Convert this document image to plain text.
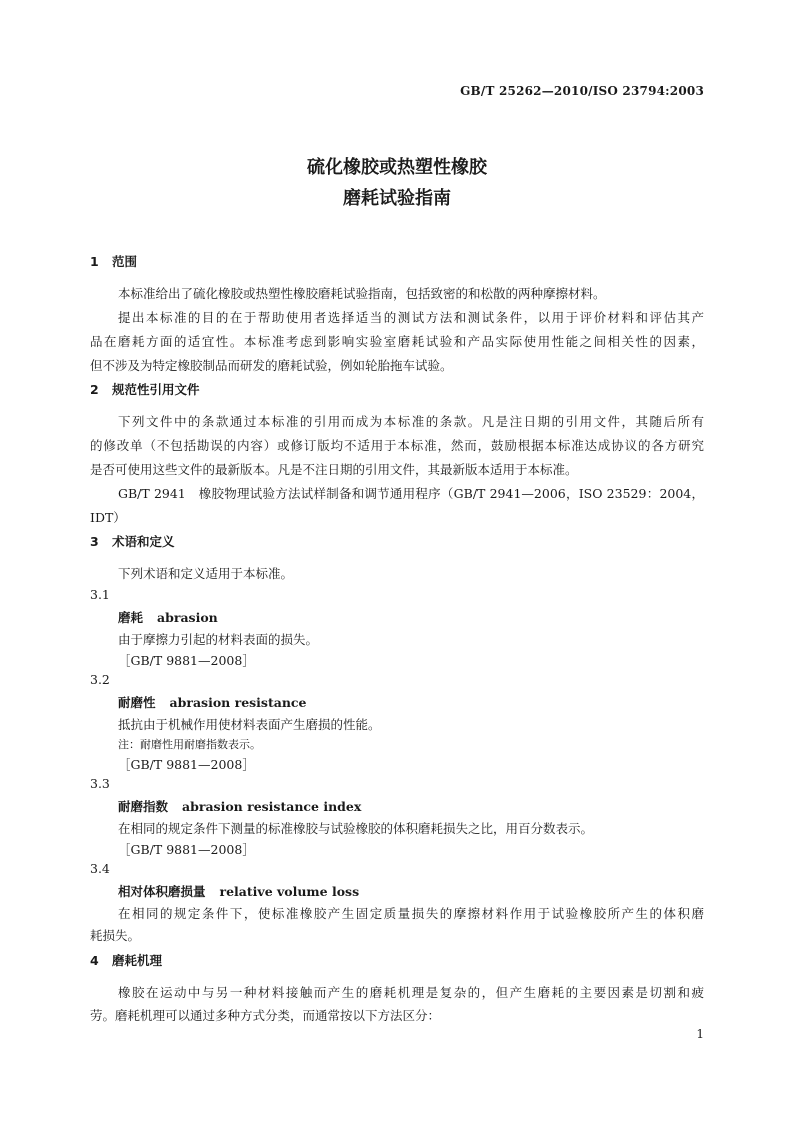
GB/T 25262—2010/ISO 23794:2003
硫化橡胶或热塑性橡胶
磨耗试验指南
1 范围
本标准给出了硫化橡胶或热塑性橡胶磨耗试验指南，包括致密的和松散的两种摩擦材料。
提出本标准的目的在于帮助使用者选择适当的测试方法和测试条件，以用于评价材料和评估其产
品在磨耗方面的适宜性。本标准考虑到影响实验室磨耗试验和产品实际使用性能之间相关性的因素，
但不涉及为特定橡胶制品而研发的磨耗试验，例如轮胎拖车试验。
2 规范性引用文件
下列文件中的条款通过本标准的引用而成为本标准的条款。凡是注日期的引用文件，其随后所有
的修改单（不包括勘误的内容）或修订版均不适用于本标准，然而，鼓励根据本标准达成协议的各方研究
是否可使用这些文件的最新版本。凡是不注日期的引用文件，其最新版本适用于本标准。
GB/T 2941　橡胶物理试验方法试样制备和调节通用程序（GB/T 2941—2006，ISO 23529：2004，
IDT）
3 术语和定义
下列术语和定义适用于本标准。
3.1
磨耗 abrasion
由于摩擦力引起的材料表面的损失。
［GB/T 9881—2008］
3.2
耐磨性 abrasion resistance
抵抗由于机械作用使材料表面产生磨损的性能。
注：耐磨性用耐磨指数表示。
［GB/T 9881—2008］
3.3
耐磨指数 abrasion resistance index
在相同的规定条件下测量的标准橡胶与试验橡胶的体积磨耗损失之比，用百分数表示。
［GB/T 9881—2008］
3.4
相对体积磨损量 relative volume loss
在相同的规定条件下，使标准橡胶产生固定质量损失的摩擦材料作用于试验橡胶所产生的体积磨
耗损失。
4 磨耗机理
橡胶在运动中与另一种材料接触而产生的磨耗机理是复杂的，但产生磨耗的主要因素是切割和疲
劳。磨耗机理可以通过多种方式分类，而通常按以下方法区分：
1
